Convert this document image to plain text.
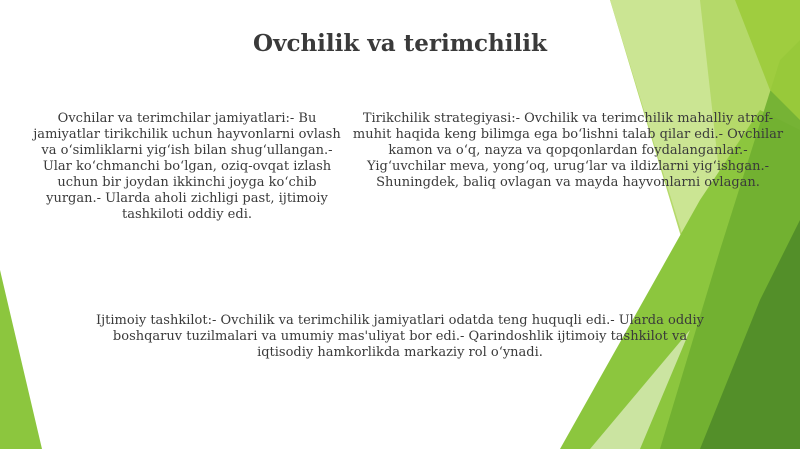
Ovchilik va terimchilik
Ovchilar va terimchilar jamiyatlari:- Bu jamiyatlar tirikchilik uchun hayvonlarni ovlash va o‘simliklarni yig‘ish bilan shug‘ullangan.- Ular ko‘chmanchi bo‘lgan, oziq-ovqat izlash uchun bir joydan ikkinchi joyga ko‘chib yurgan.- Ularda aholi zichligi past, ijtimoiy tashkiloti oddiy edi.
Tirikchilik strategiyasi:- Ovchilik va terimchilik mahalliy atrof-muhit haqida keng bilimga ega bo‘lishni talab qilar edi.- Ovchilar kamon va o‘q, nayza va qopqonlardan foydalanganlar.- Yig‘uvchilar meva, yong‘oq, urug‘lar va ildizlarni yig‘ishgan.- Shuningdek, baliq ovlagan va mayda hayvonlarni ovlagan.
Ijtimoiy tashkilot:- Ovchilik va terimchilik jamiyatlari odatda teng huquqli edi.- Ularda oddiy boshqaruv tuzilmalari va umumiy mas'uliyat bor edi.- Qarindoshlik ijtimoiy tashkilot va iqtisodiy hamkorlikda markaziy rol o‘ynadi.
